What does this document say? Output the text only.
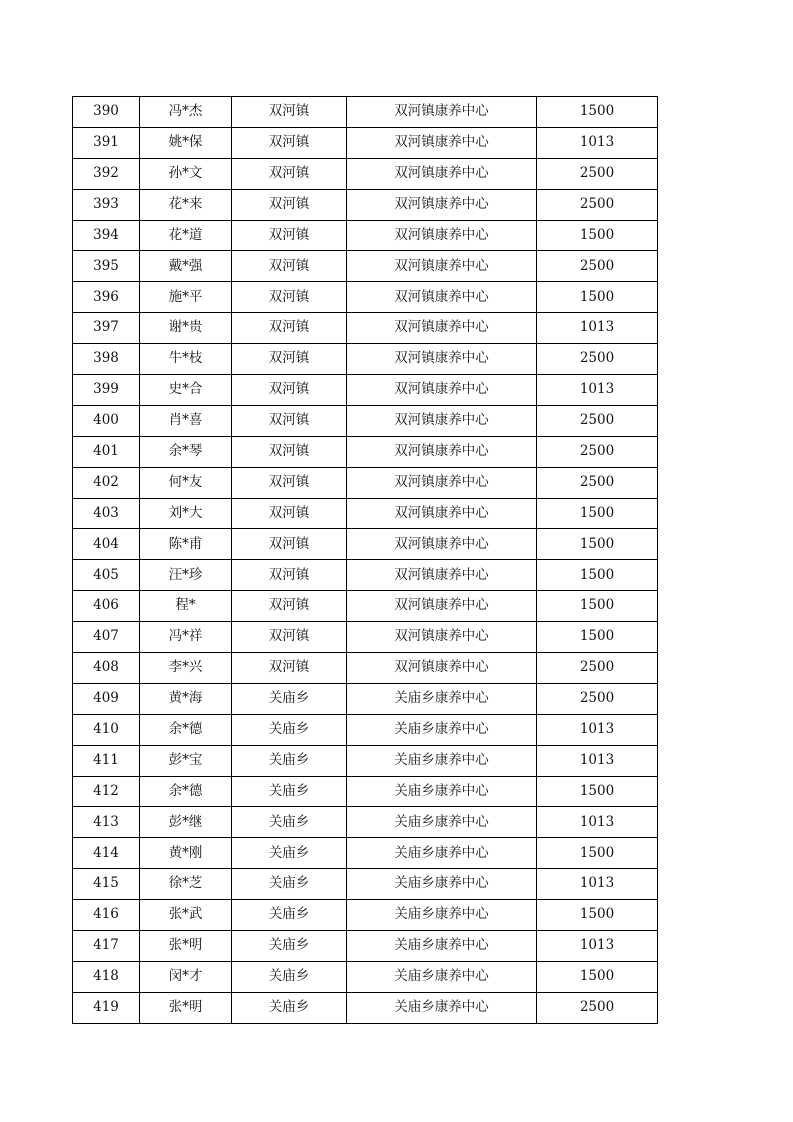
390	冯*杰	双河镇	双河镇康养中心	1500
391	姚*保	双河镇	双河镇康养中心	1013
392	孙*文	双河镇	双河镇康养中心	2500
393	花*来	双河镇	双河镇康养中心	2500
394	花*道	双河镇	双河镇康养中心	1500
395	戴*强	双河镇	双河镇康养中心	2500
396	施*平	双河镇	双河镇康养中心	1500
397	谢*贵	双河镇	双河镇康养中心	1013
398	牛*枝	双河镇	双河镇康养中心	2500
399	史*合	双河镇	双河镇康养中心	1013
400	肖*喜	双河镇	双河镇康养中心	2500
401	余*琴	双河镇	双河镇康养中心	2500
402	何*友	双河镇	双河镇康养中心	2500
403	刘*大	双河镇	双河镇康养中心	1500
404	陈*甫	双河镇	双河镇康养中心	1500
405	汪*珍	双河镇	双河镇康养中心	1500
406	程*	双河镇	双河镇康养中心	1500
407	冯*祥	双河镇	双河镇康养中心	1500
408	李*兴	双河镇	双河镇康养中心	2500
409	黄*海	关庙乡	关庙乡康养中心	2500
410	余*德	关庙乡	关庙乡康养中心	1013
411	彭*宝	关庙乡	关庙乡康养中心	1013
412	余*德	关庙乡	关庙乡康养中心	1500
413	彭*继	关庙乡	关庙乡康养中心	1013
414	黄*刚	关庙乡	关庙乡康养中心	1500
415	徐*芝	关庙乡	关庙乡康养中心	1013
416	张*武	关庙乡	关庙乡康养中心	1500
417	张*明	关庙乡	关庙乡康养中心	1013
418	闵*才	关庙乡	关庙乡康养中心	1500
419	张*明	关庙乡	关庙乡康养中心	2500
